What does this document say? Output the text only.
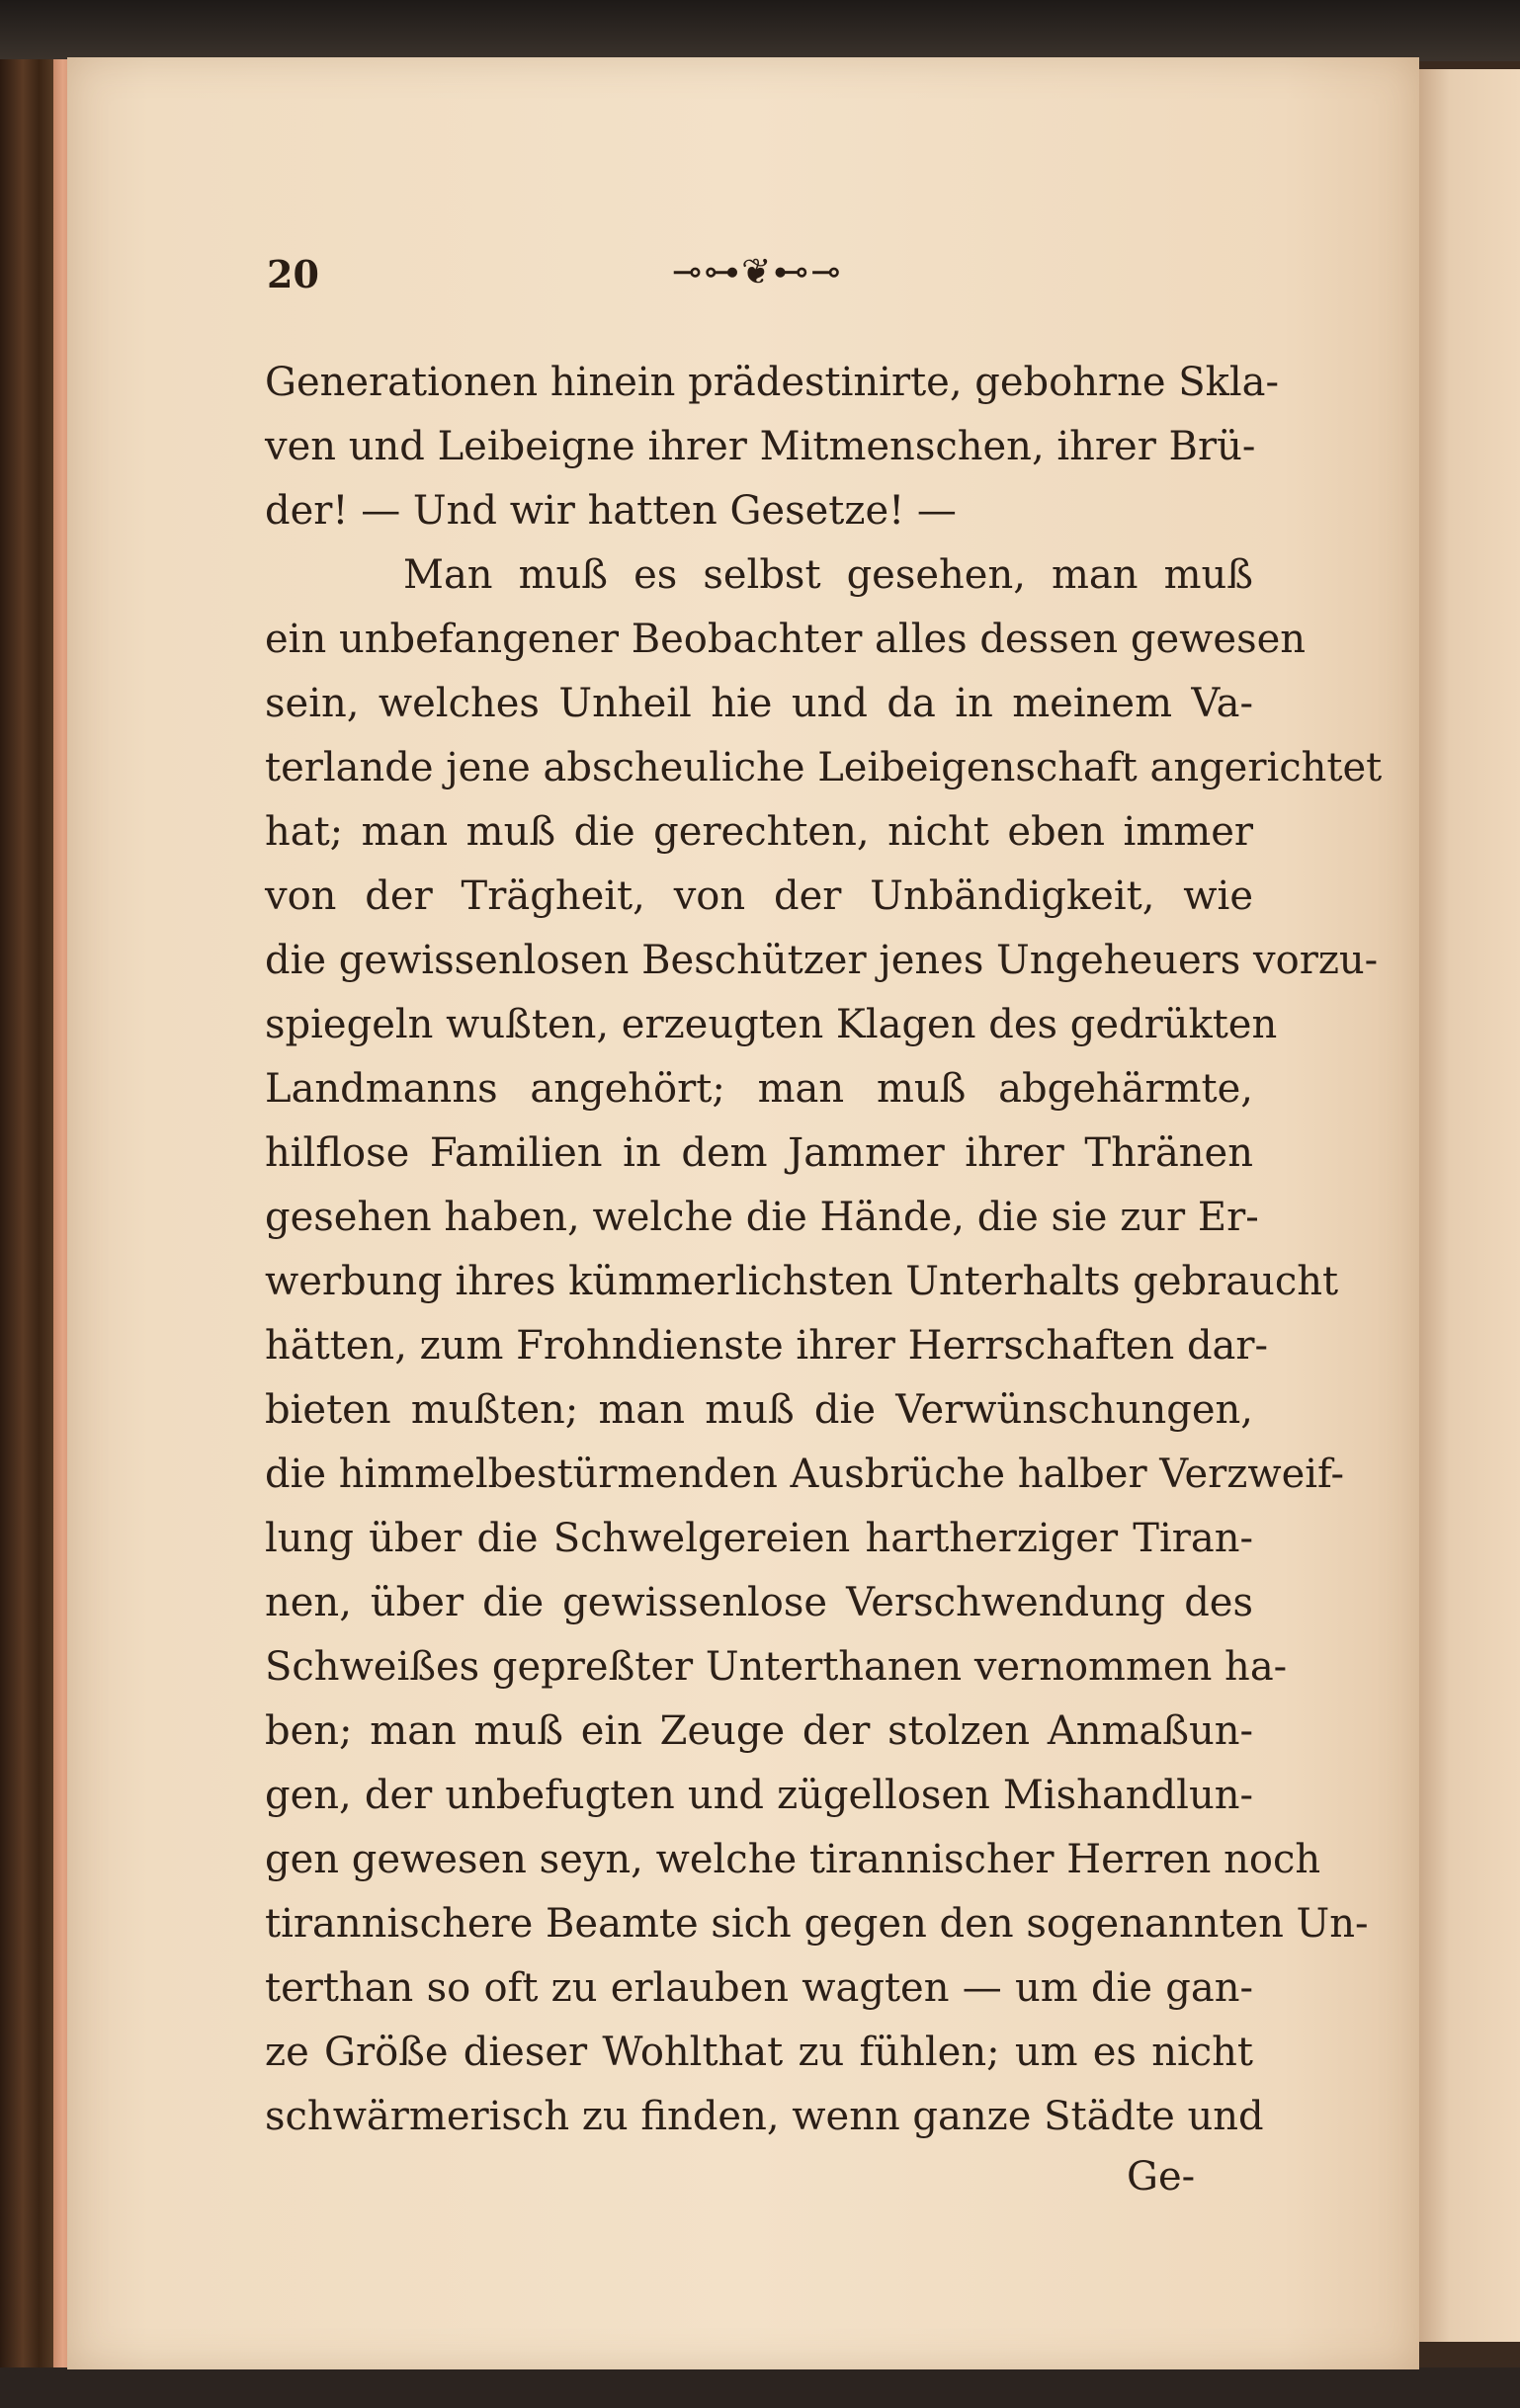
20	⊸⊶❦⊷⊸
Generationen hinein prädestinirte, gebohrne Skla-
ven und Leibeigne ihrer Mitmenschen, ihrer Brü-
der! — Und wir hatten Gesetze! —
Man muß es selbst gesehen, man muß
ein unbefangener Beobachter alles dessen gewesen
sein, welches Unheil hie und da in meinem Va-
terlande jene abscheuliche Leibeigenschaft angerichtet
hat; man muß die gerechten, nicht eben immer
von der Trägheit, von der Unbändigkeit, wie
die gewissenlosen Beschützer jenes Ungeheuers vorzu-
spiegeln wußten, erzeugten Klagen des gedrükten
Landmanns angehört; man muß abgehärmte,
hilflose Familien in dem Jammer ihrer Thränen
gesehen haben, welche die Hände, die sie zur Er-
werbung ihres kümmerlichsten Unterhalts gebraucht
hätten, zum Frohndienste ihrer Herrschaften dar-
bieten mußten; man muß die Verwünschungen,
die himmelbestürmenden Ausbrüche halber Verzweif-
lung über die Schwelgereien hartherziger Tiran-
nen, über die gewissenlose Verschwendung des
Schweißes gepreßter Unterthanen vernommen ha-
ben; man muß ein Zeuge der stolzen Anmaßun-
gen, der unbefugten und zügellosen Mishandlun-
gen gewesen seyn, welche tirannischer Herren noch
tirannischere Beamte sich gegen den sogenannten Un-
terthan so oft zu erlauben wagten — um die gan-
ze Größe dieser Wohlthat zu fühlen; um es nicht
schwärmerisch zu finden, wenn ganze Städte und
Ge-
